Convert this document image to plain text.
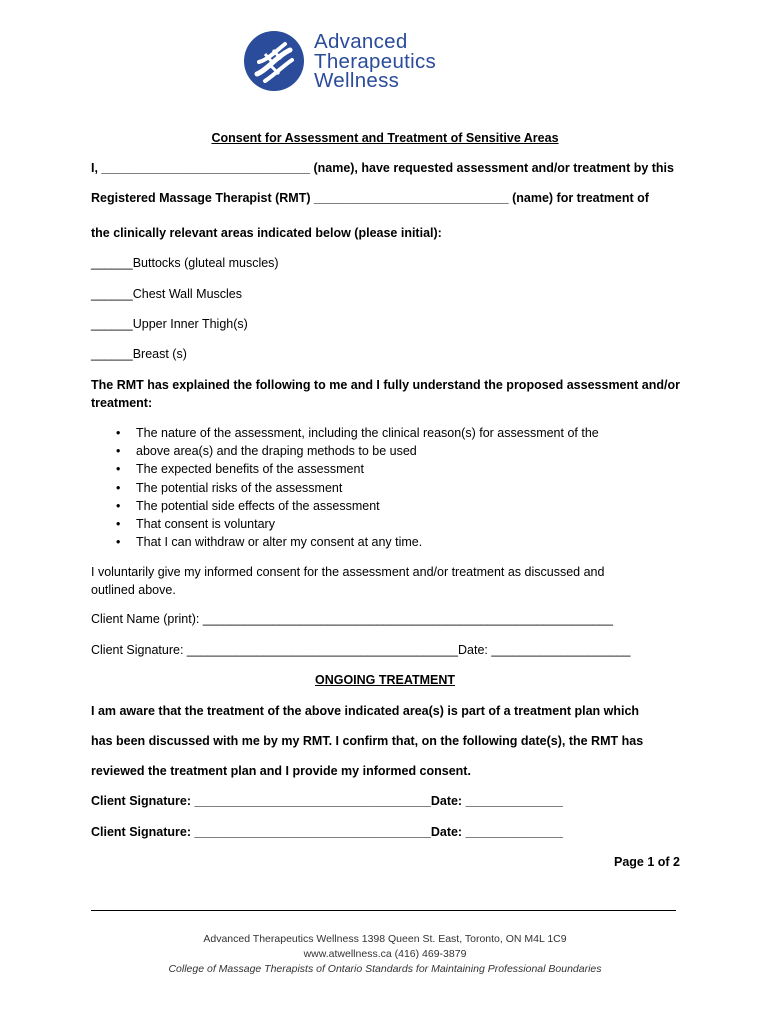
Advanced
Therapeutics
Wellness
Consent for Assessment and Treatment of Sensitive Areas
I, ______________________________ (name), have requested assessment and/or treatment by this
Registered Massage Therapist (RMT) ____________________________ (name) for treatment of
the clinically relevant areas indicated below (please initial):
______Buttocks (gluteal muscles)
______Chest Wall Muscles
______Upper Inner Thigh(s)
______Breast (s)
The RMT has explained the following to me and I fully understand the proposed assessment and/or treatment:
• The nature of the assessment, including the clinical reason(s) for assessment of the
• above area(s) and the draping methods to be used
• The expected benefits of the assessment
• The potential risks of the assessment
• The potential side effects of the assessment
• That consent is voluntary
• That I can withdraw or alter my consent at any time.
I voluntarily give my informed consent for the assessment and/or treatment as discussed and outlined above.
Client Name (print): ___________________________________________________________
Client Signature: _______________________________________Date: ____________________
ONGOING TREATMENT
I am aware that the treatment of the above indicated area(s) is part of a treatment plan which
has been discussed with me by my RMT. I confirm that, on the following date(s), the RMT has
reviewed the treatment plan and I provide my informed consent.
Client Signature: __________________________________Date: ______________
Client Signature: __________________________________Date: ______________
Page 1 of 2
Advanced Therapeutics Wellness 1398 Queen St. East, Toronto, ON M4L 1C9
www.atwellness.ca (416) 469-3879
College of Massage Therapists of Ontario Standards for Maintaining Professional Boundaries
